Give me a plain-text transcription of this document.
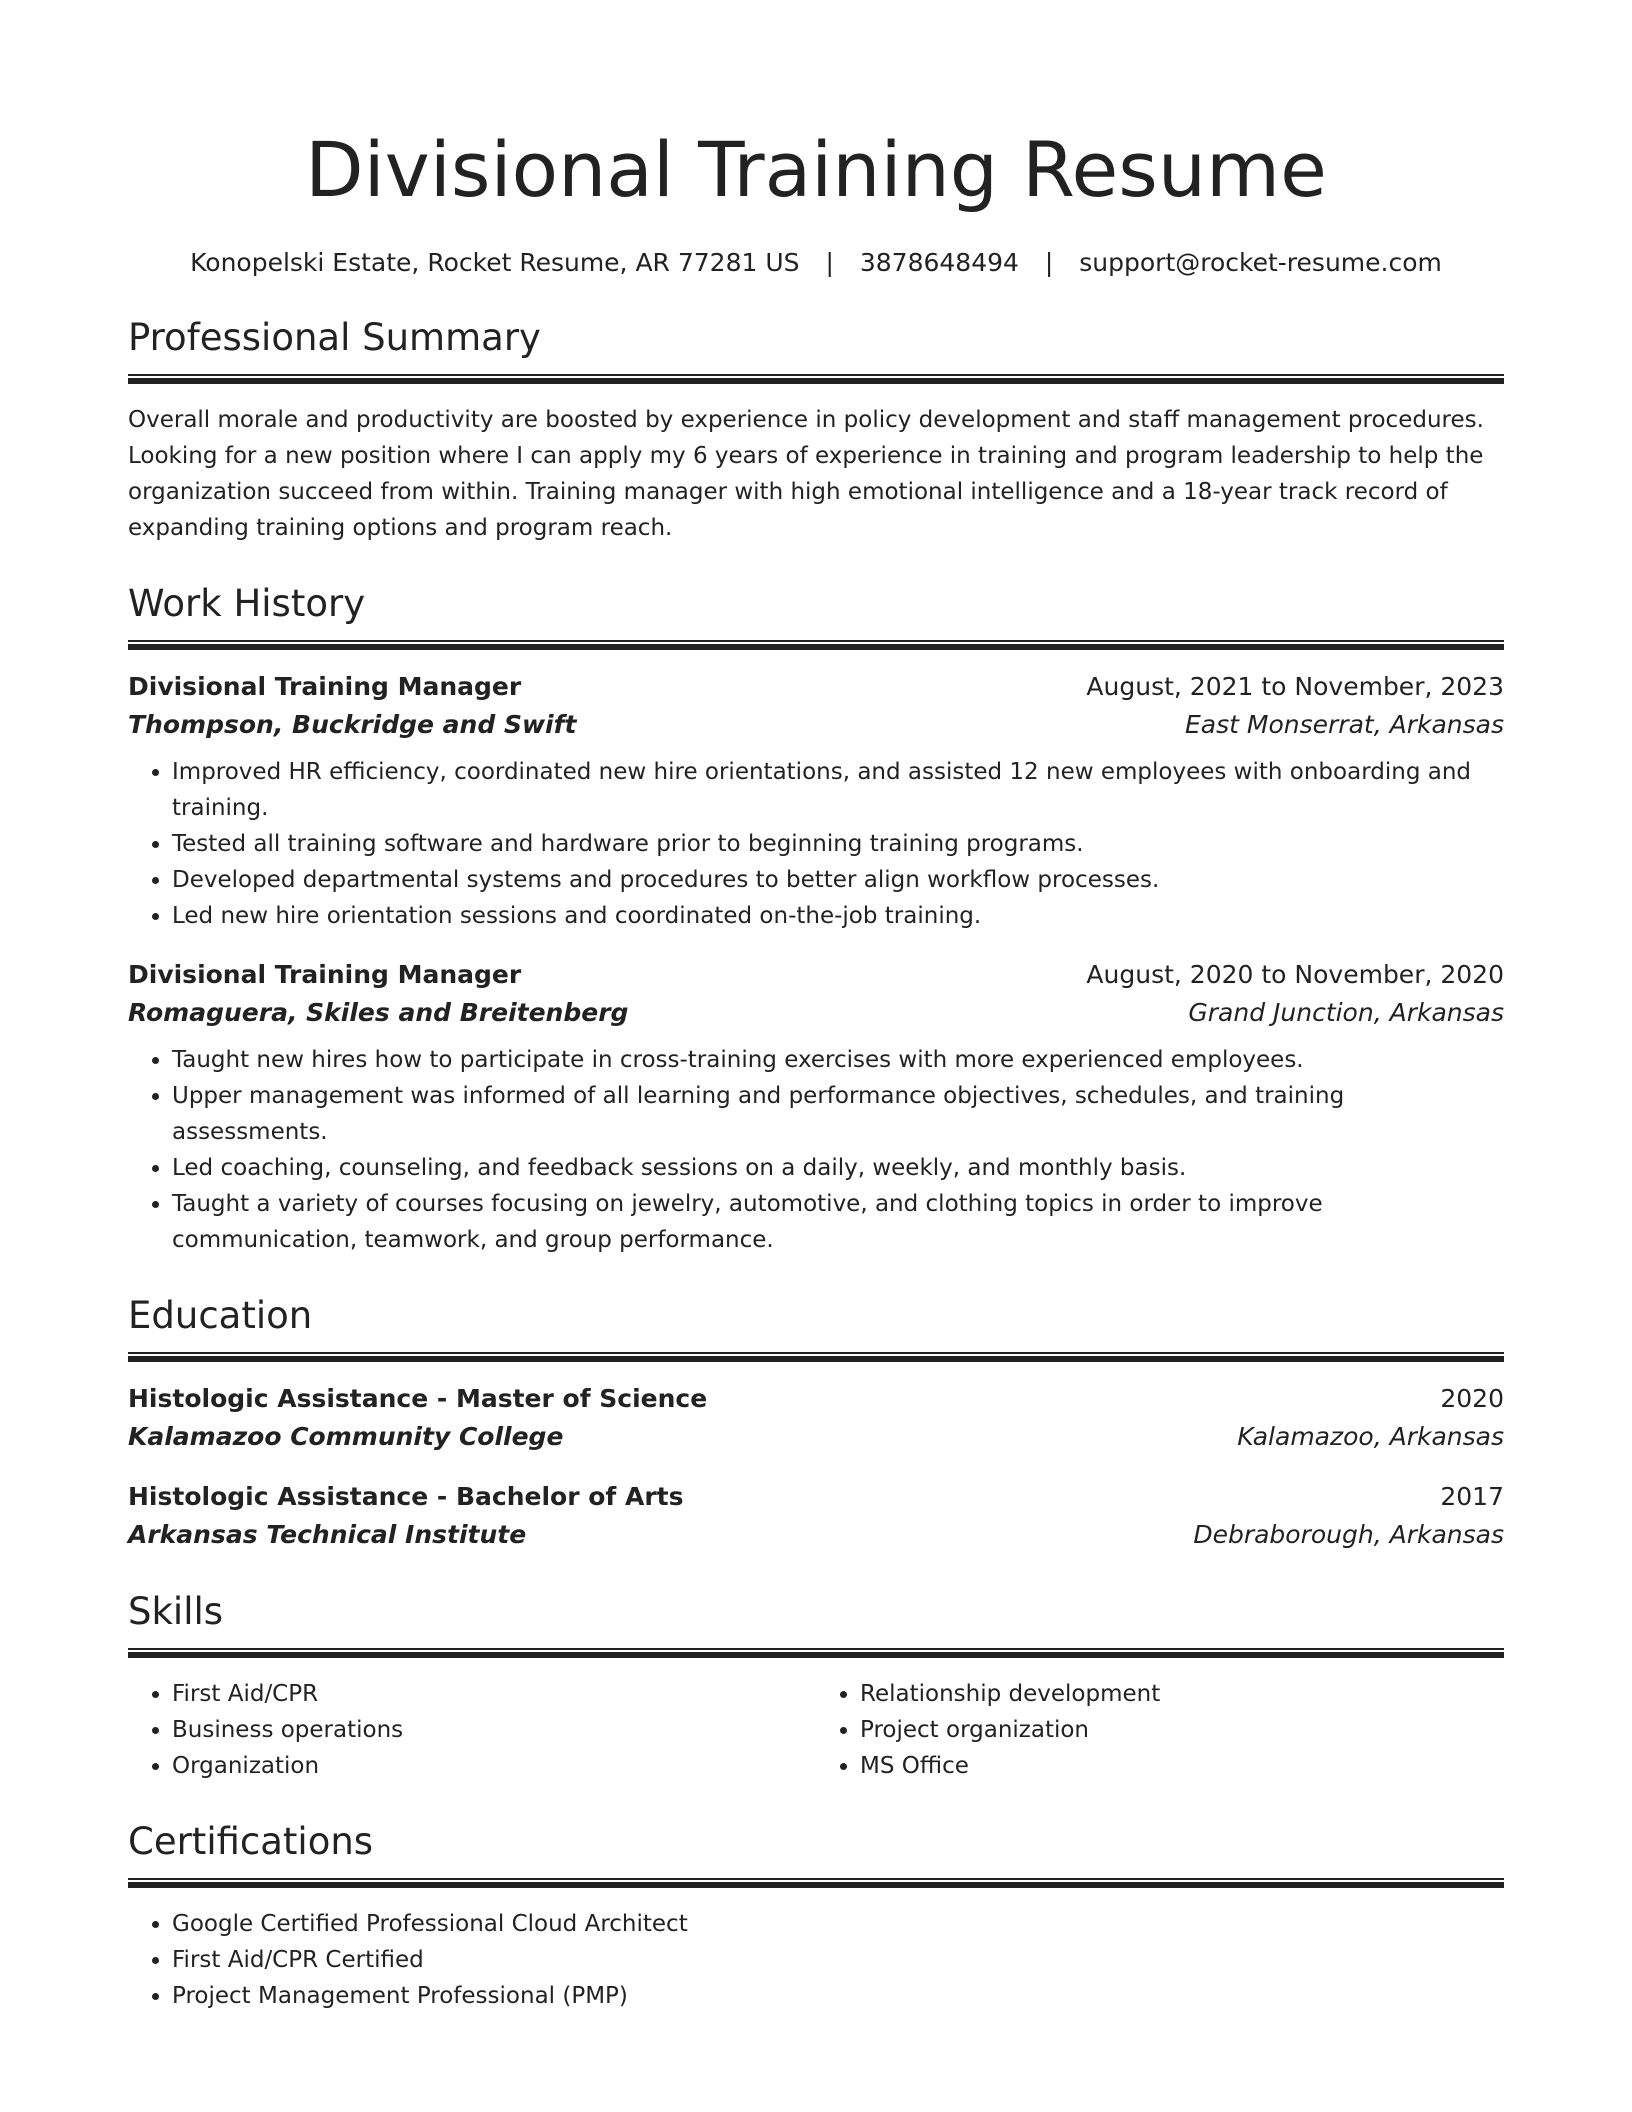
Divisional Training Resume
Konopelski Estate, Rocket Resume, AR 77281 US | 3878648494 | support@rocket-resume.com
Professional Summary

Overall morale and productivity are boosted by experience in policy development and staff management procedures. Looking for a new position where I can apply my 6 years of experience in training and program leadership to help the organization succeed from within. Training manager with high emotional intelligence and a 18-year track record of expanding training options and program reach.

Work History
Divisional Training Manager	August, 2021 to November, 2023
Thompson, Buckridge and Swift	East Monserrat, Arkansas
• Improved HR efficiency, coordinated new hire orientations, and assisted 12 new employees with onboarding and training.
• Tested all training software and hardware prior to beginning training programs.
• Developed departmental systems and procedures to better align workflow processes.
• Led new hire orientation sessions and coordinated on-the-job training.
Divisional Training Manager	August, 2020 to November, 2020
Romaguera, Skiles and Breitenberg	Grand Junction, Arkansas
• Taught new hires how to participate in cross-training exercises with more experienced employees.
• Upper management was informed of all learning and performance objectives, schedules, and training assessments.
• Led coaching, counseling, and feedback sessions on a daily, weekly, and monthly basis.
• Taught a variety of courses focusing on jewelry, automotive, and clothing topics in order to improve communication, teamwork, and group performance.
Education
Histologic Assistance - Master of Science	2020
Kalamazoo Community College	Kalamazoo, Arkansas
Histologic Assistance - Bachelor of Arts	2017
Arkansas Technical Institute	Debraborough, Arkansas
Skills
• First Aid/CPR
• Business operations
• Organization
• Relationship development
• Project organization
• MS Office
Certifications
• Google Certified Professional Cloud Architect
• First Aid/CPR Certified
• Project Management Professional (PMP)
